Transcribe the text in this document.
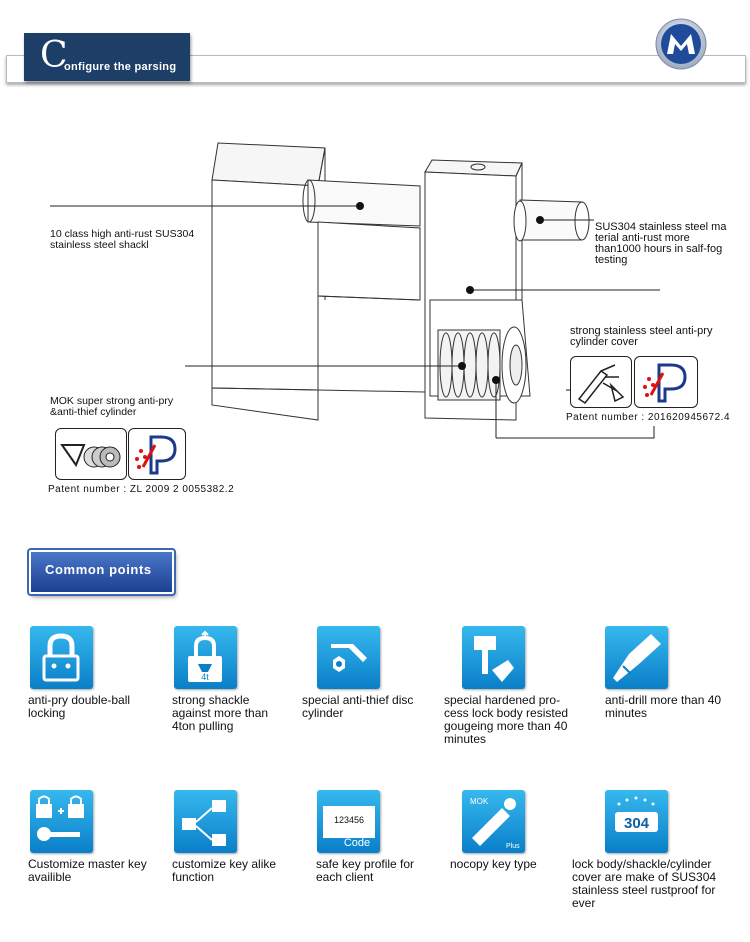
C
onfigure the parsing
10 class high anti-rust SUS304 stainless steel shackl
SUS304 stainless steel ma
terial anti-rust more
than1000 hours in salf-fog
testing
strong stainless steel anti-pry
cylinder cover
MOK super strong anti-pry
&anti-thief cylinder	Patent number : 201620945672.4
Patent number : ZL 2009 2 0055382.2
Common points
4t
anti-pry double-ball locking
strong shackle against more than 4ton pulling
special anti-thief disc cylinder
special hardened pro-cess lock body resisted gougeing more than 40 minutes
anti-drill more than 40 minutes
123456
Code
MOK
Plus
304
Customize master key availible
customize key alike function
safe key profile for each client
nocopy key type	lock body/shackle/cylinder cover are make of SUS304 stainless steel rustproof for ever
